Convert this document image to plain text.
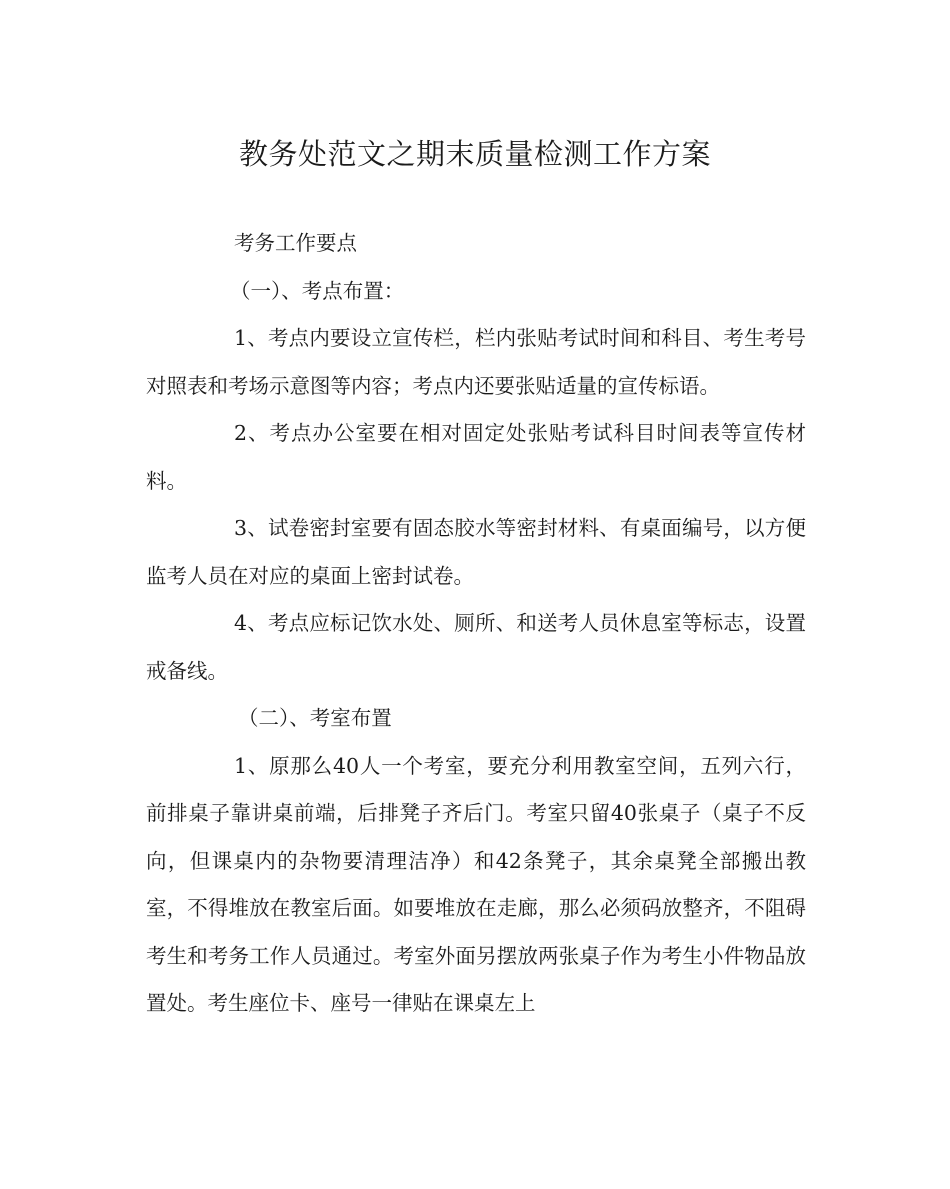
教务处范文之期末质量检测工作方案

考务工作要点

（一）、考点布置：

1、考点内要设立宣传栏，栏内张贴考试时间和科目、考生考号对照表和考场示意图等内容；考点内还要张贴适量的宣传标语。

2、考点办公室要在相对固定处张贴考试科目时间表等宣传材料。

3、试卷密封室要有固态胶水等密封材料、有桌面编号，以方便监考人员在对应的桌面上密封试卷。

4、考点应标记饮水处、厕所、和送考人员休息室等标志，设置戒备线。

（二）、考室布置

1、原那么40人一个考室，要充分利用教室空间，五列六行，前排桌子靠讲桌前端，后排凳子齐后门。考室只留40张桌子（桌子不反向，但课桌内的杂物要清理洁净）和42条凳子，其余桌凳全部搬出教室，不得堆放在教室后面。如要堆放在走廊，那么必须码放整齐，不阻碍考生和考务工作人员通过。考室外面另摆放两张桌子作为考生小件物品放置处。考生座位卡、座号一律贴在课桌左上
